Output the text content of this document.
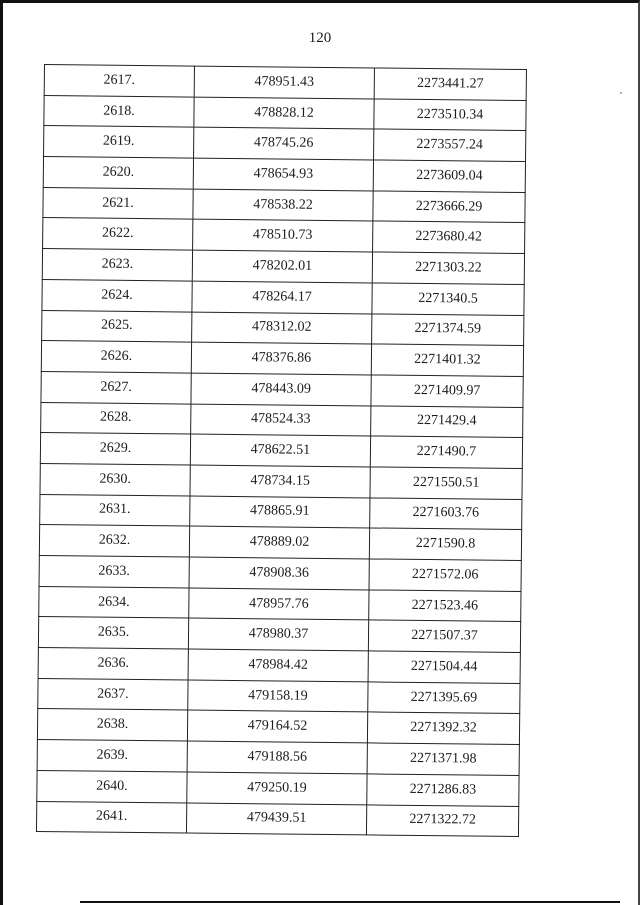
120
2617.	478951.43	2273441.27
2618.	478828.12	2273510.34
2619.	478745.26	2273557.24
2620.	478654.93	2273609.04
2621.	478538.22	2273666.29
2622.	478510.73	2273680.42
2623.	478202.01	2271303.22
2624.	478264.17	2271340.5
2625.	478312.02	2271374.59
2626.	478376.86	2271401.32
2627.	478443.09	2271409.97
2628.	478524.33	2271429.4
2629.	478622.51	2271490.7
2630.	478734.15	2271550.51
2631.	478865.91	2271603.76
2632.	478889.02	2271590.8
2633.	478908.36	2271572.06
2634.	478957.76	2271523.46
2635.	478980.37	2271507.37
2636.	478984.42	2271504.44
2637.	479158.19	2271395.69
2638.	479164.52	2271392.32
2639.	479188.56	2271371.98
2640.	479250.19	2271286.83
2641.	479439.51	2271322.72
